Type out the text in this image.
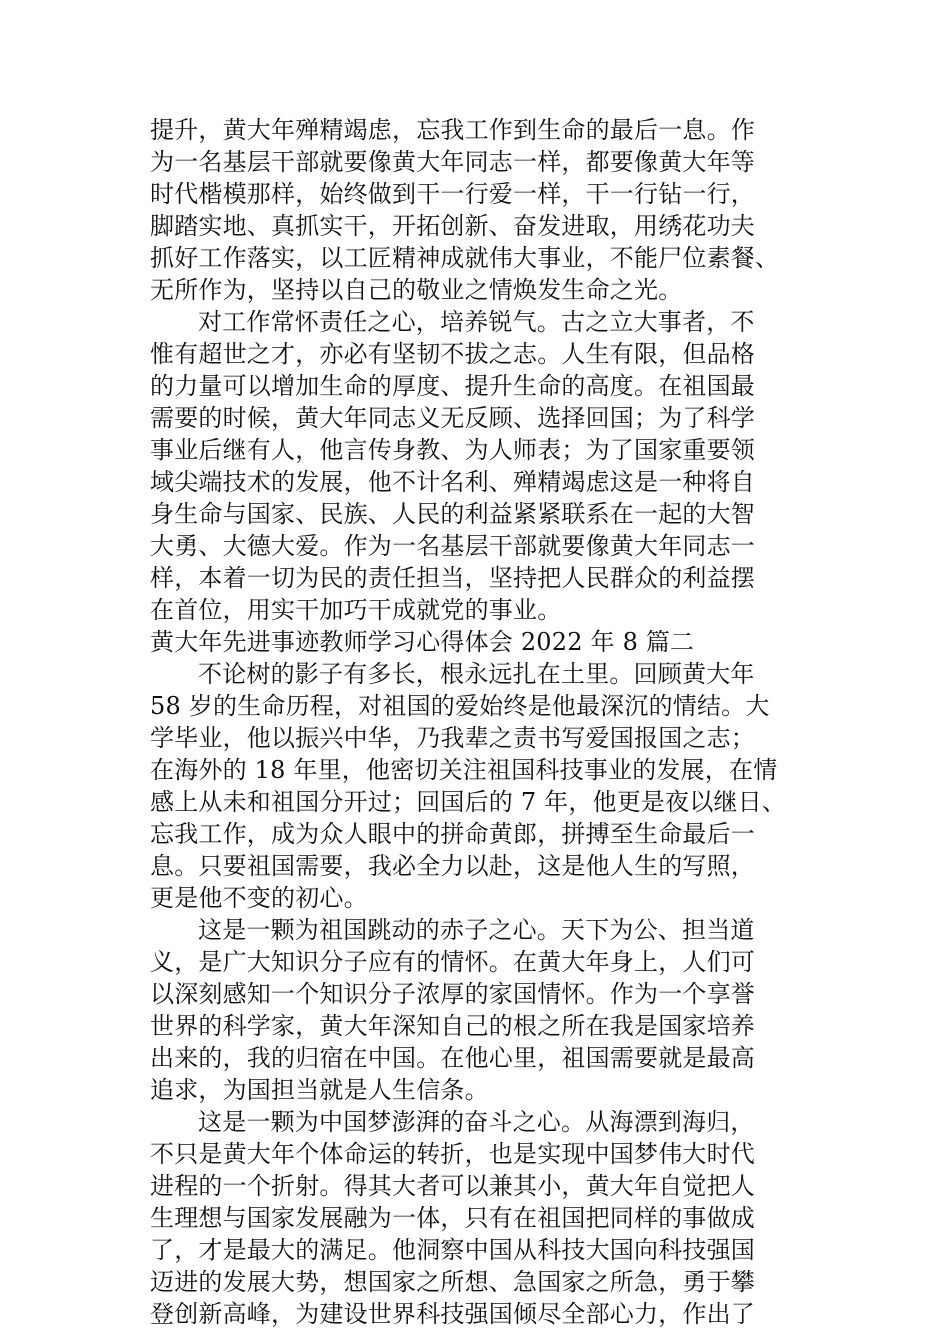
提升，黄大年殚精竭虑，忘我工作到生命的最后一息。作
为一名基层干部就要像黄大年同志一样，都要像黄大年等
时代楷模那样，始终做到干一行爱一样，干一行钻一行，
脚踏实地、真抓实干，开拓创新、奋发进取，用绣花功夫
抓好工作落实，以工匠精神成就伟大事业，不能尸位素餐、
无所作为，坚持以自己的敬业之情焕发生命之光。
对工作常怀责任之心，培养锐气。古之立大事者，不
惟有超世之才，亦必有坚韧不拔之志。人生有限，但品格
的力量可以增加生命的厚度、提升生命的高度。在祖国最
需要的时候，黄大年同志义无反顾、选择回国；为了科学
事业后继有人，他言传身教、为人师表；为了国家重要领
域尖端技术的发展，他不计名利、殚精竭虑这是一种将自
身生命与国家、民族、人民的利益紧紧联系在一起的大智
大勇、大德大爱。作为一名基层干部就要像黄大年同志一
样，本着一切为民的责任担当，坚持把人民群众的利益摆
在首位，用实干加巧干成就党的事业。
黄大年先进事迹教师学习心得体会 2022 年 8 篇二
不论树的影子有多长，根永远扎在土里。回顾黄大年
58 岁的生命历程，对祖国的爱始终是他最深沉的情结。大
学毕业，他以振兴中华，乃我辈之责书写爱国报国之志；
在海外的 18 年里，他密切关注祖国科技事业的发展，在情
感上从未和祖国分开过；回国后的 7 年，他更是夜以继日、
忘我工作，成为众人眼中的拼命黄郎，拼搏至生命最后一
息。只要祖国需要，我必全力以赴，这是他人生的写照，
更是他不变的初心。
这是一颗为祖国跳动的赤子之心。天下为公、担当道
义，是广大知识分子应有的情怀。在黄大年身上，人们可
以深刻感知一个知识分子浓厚的家国情怀。作为一个享誉
世界的科学家，黄大年深知自己的根之所在我是国家培养
出来的，我的归宿在中国。在他心里，祖国需要就是最高
追求，为国担当就是人生信条。
这是一颗为中国梦澎湃的奋斗之心。从海漂到海归，
不只是黄大年个体命运的转折，也是实现中国梦伟大时代
进程的一个折射。得其大者可以兼其小，黄大年自觉把人
生理想与国家发展融为一体，只有在祖国把同样的事做成
了，才是最大的满足。他洞察中国从科技大国向科技强国
迈进的发展大势，想国家之所想、急国家之所急，勇于攀
登创新高峰，为建设世界科技强国倾尽全部心力，作出了
